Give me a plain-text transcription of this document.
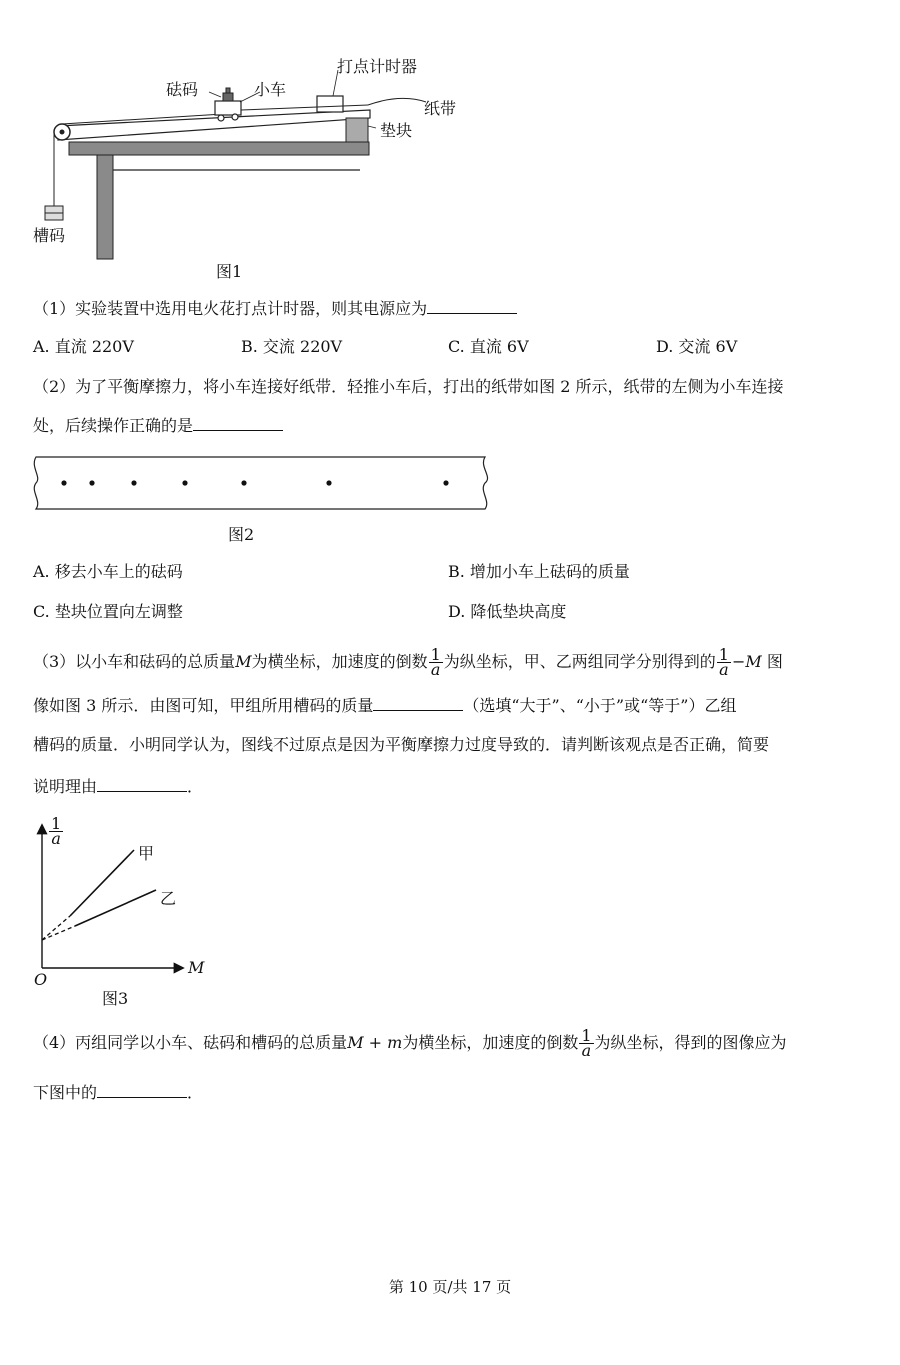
砝码	小车
打点计时器
纸带
垫块
槽码
图1
（1）实验装置中选用电火花打点计时器，则其电源应为
A. 直流 220V	B. 交流 220V	C. 直流 6V	D. 交流 6V
（2）为了平衡摩擦力，将小车连接好纸带．轻推小车后，打出的纸带如图 2 所示，纸带的左侧为小车连接
处，后续操作正确的是
图2
A. 移去小车上的砝码	B. 增加小车上砝码的质量
C. 垫块位置向左调整	D. 降低垫块高度
（3）以小车和砝码的总质量M为横坐标，加速度的倒数 $\frac{1}{a}$ 为纵坐标，甲、乙两组同学分别得到的 $\frac{1}{a} -M$ 图
像如图 3 所示．由图可知，甲组所用槽码的质量	（选填“大于”、“小于”或“等于”）乙组
槽码的质量．小明同学认为，图线不过原点是因为平衡摩擦力过度导致的．请判断该观点是否正确，简要
说明理由	．
$\frac{1}{a}$
甲
乙
M
O
图3
（4）丙组同学以小车、砝码和槽码的总质量M + m为横坐标，加速度的倒数 $\frac{1}{a}$ 为纵坐标，得到的图像应为
下图中的	．
第 10 页/共 17 页
